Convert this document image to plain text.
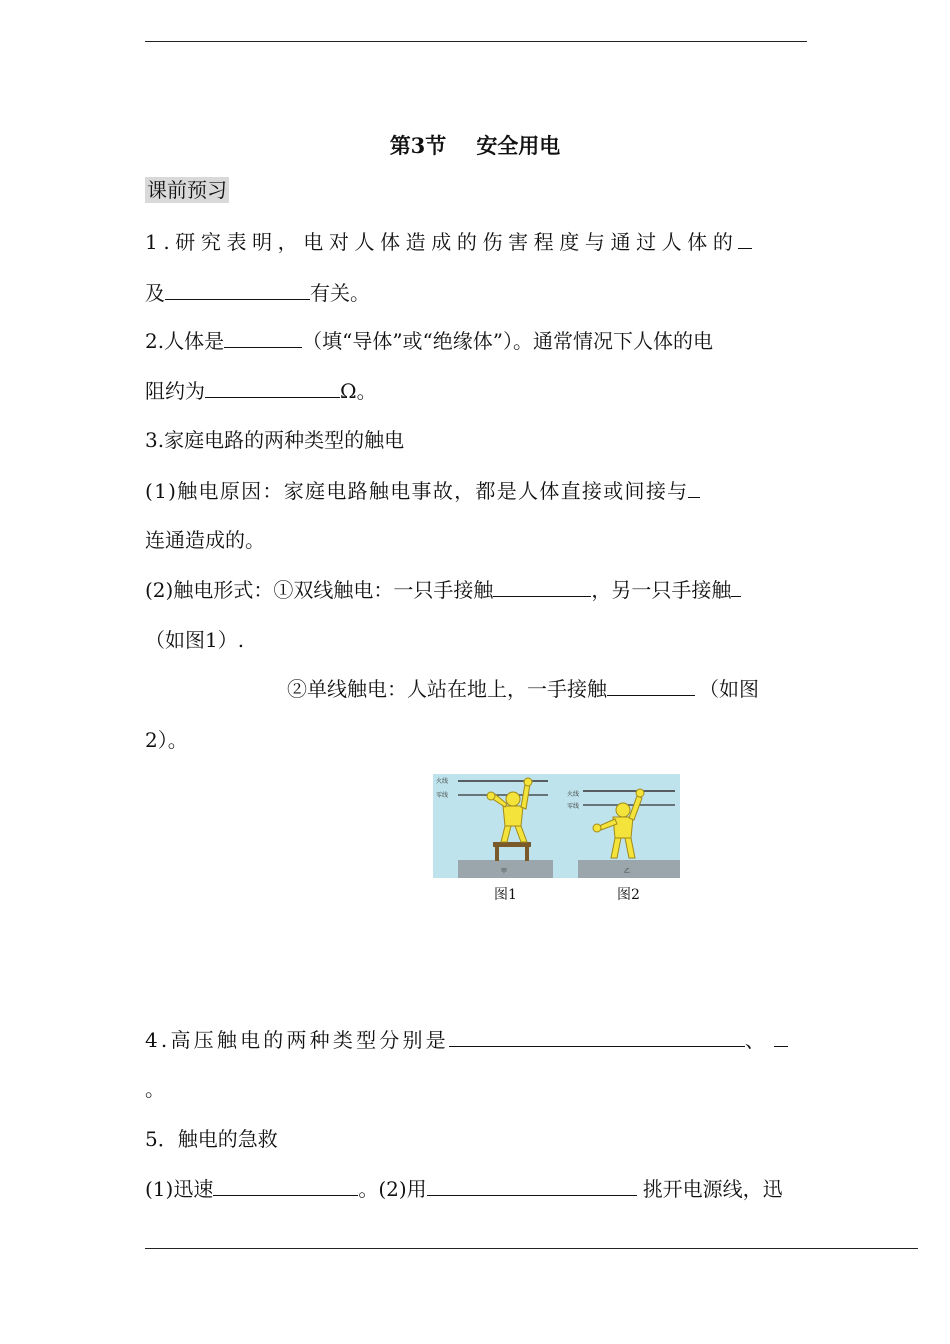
第3节 安全用电
课前预习
1.研究表明，电对人体造成的伤害程度与通过人体的
及	有关。
2.人体是	（填“导体”或“绝缘体”）。通常情况下人体的电
阻约为	Ω。
3.家庭电路的两种类型的触电
(1)触电原因：家庭电路触电事故，都是人体直接或间接与
连通造成的。
(2)触电形式：①双线触电：一只手接触	，另一只手接触
（如图1）.
②单线触电：人站在地上，一手接触	（如图
2）。
火线
零线
甲
火线
零线
乙
图1	图2
4.高压触电的两种类型分别是	、
。
5．触电的急救
(1)迅速	。(2)用	挑开电源线，迅
